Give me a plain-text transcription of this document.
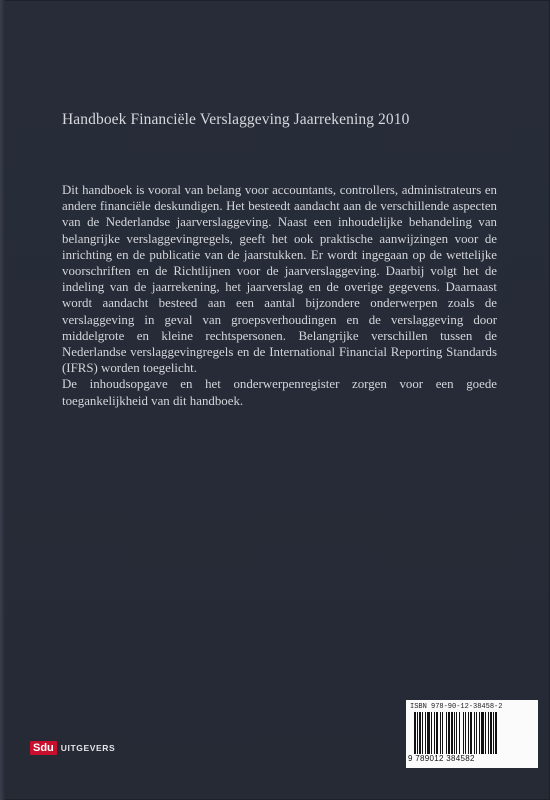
Handboek Financiële Verslaggeving Jaarrekening 2010

Dit handboek is vooral van belang voor accountants, controllers, administrateurs en andere financiële deskundigen. Het besteedt aandacht aan de verschillende aspecten van de Nederlandse jaarverslaggeving. Naast een inhoudelijke behandeling van belangrijke verslaggevingregels, geeft het ook praktische aanwijzingen voor de inrichting en de publicatie van de jaarstukken. Er wordt ingegaan op de wettelijke voorschriften en de Richtlijnen voor de jaarverslaggeving. Daarbij volgt het de indeling van de jaarrekening, het jaarverslag en de overige gegevens. Daarnaast wordt aandacht besteed aan een aantal bijzondere onderwerpen zoals de verslaggeving in geval van groepsverhoudingen en de verslaggeving door middelgrote en kleine rechtspersonen. Belangrijke verschillen tussen de Nederlandse verslaggevingregels en de International Financial Reporting Standards (IFRS) worden toegelicht.

De inhoudsopgave en het onderwerpenregister zorgen voor een goede toegankelijkheid van dit handboek.

Sdu UITGEVERS
ISBN 978-90-12-38458-2
9 789012 384582
